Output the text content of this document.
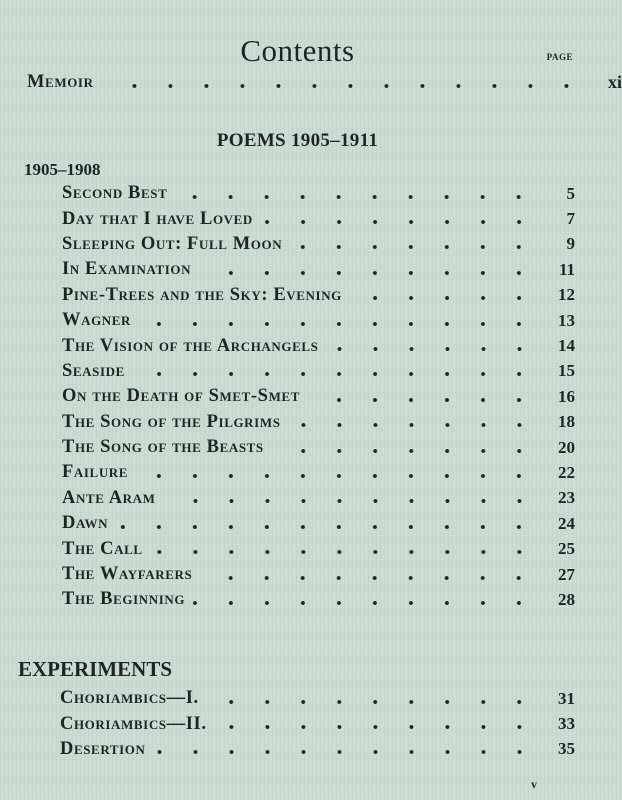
Contents	PAGE
Memoir	xi
POEMS 1905–1911
1905–1908
Second Best	5
Day that I have Loved	7
Sleeping Out: Full Moon	9
In Examination	11
Pine-Trees and the Sky: Evening	12
Wagner	13
The Vision of the Archangels	14
Seaside	15
On the Death of Smet-Smet	16
The Song of the Pilgrims	18
The Song of the Beasts	20
Failure	22
Ante Aram	23
Dawn	24
The Call	25
The Wayfarers	27
The Beginning	28
EXPERIMENTS
Choriambics—I.	31
Choriambics—II.	33
Desertion	35
v
